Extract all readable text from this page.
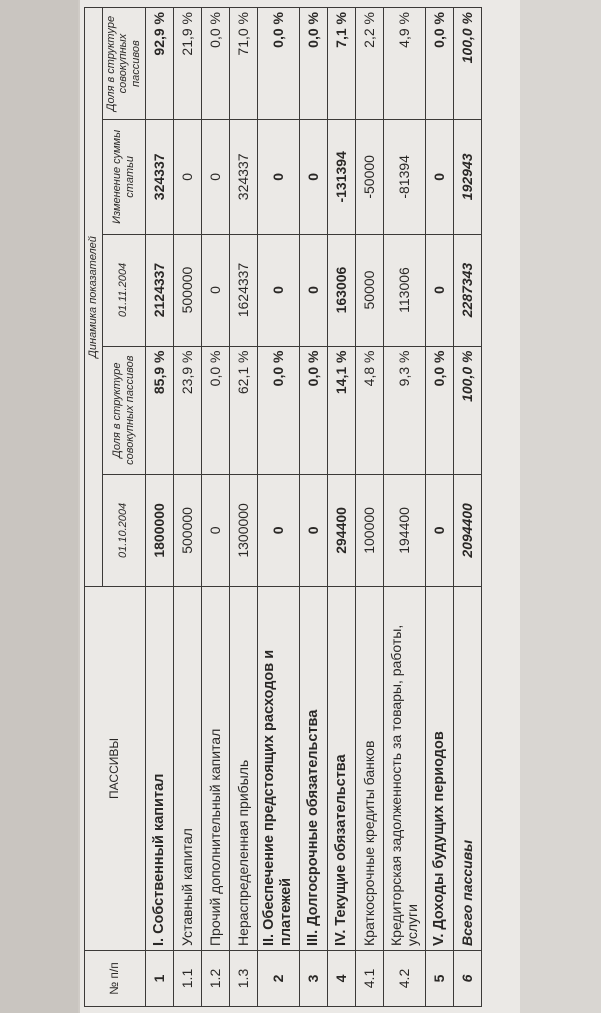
№ п/п	ПАССИВЫ	Динамика показателей				
		01.10.2004	Доля в структуре совокупных пассивов	01.11.2004	Изменение суммы статьи	Доля в структуре совокупных пассивов
1	I. Собственный капитал	1800000	85,9 %	2124337	324337	92,9 %
1.1	Уставный капитал	500000	23,9 %	500000	0	21,9 %
1.2	Прочий дополнительный капитал	0	0,0 %	0	0	0,0 %
1.3	Нераспределенная прибыль	1300000	62,1 %	1624337	324337	71,0 %
2	II. Обеспечение предстоящих расходов и платежей	0	0,0 %	0	0	0,0 %
3	III. Долгосрочные обязательства	0	0,0 %	0	0	0,0 %
4	IV. Текущие обязательства	294400	14,1 %	163006	-131394	7,1 %
4.1	Краткосрочные кредиты банков	100000	4,8 %	50000	-50000	2,2 %
4.2	Кредиторская задолженность за товары, работы, услуги	194400	9,3 %	113006	-81394	4,9 %
5	V. Доходы будущих периодов	0	0,0 %	0	0	0,0 %
6	Всего пассивы	2094400	100,0 %	2287343	192943	100,0 %
